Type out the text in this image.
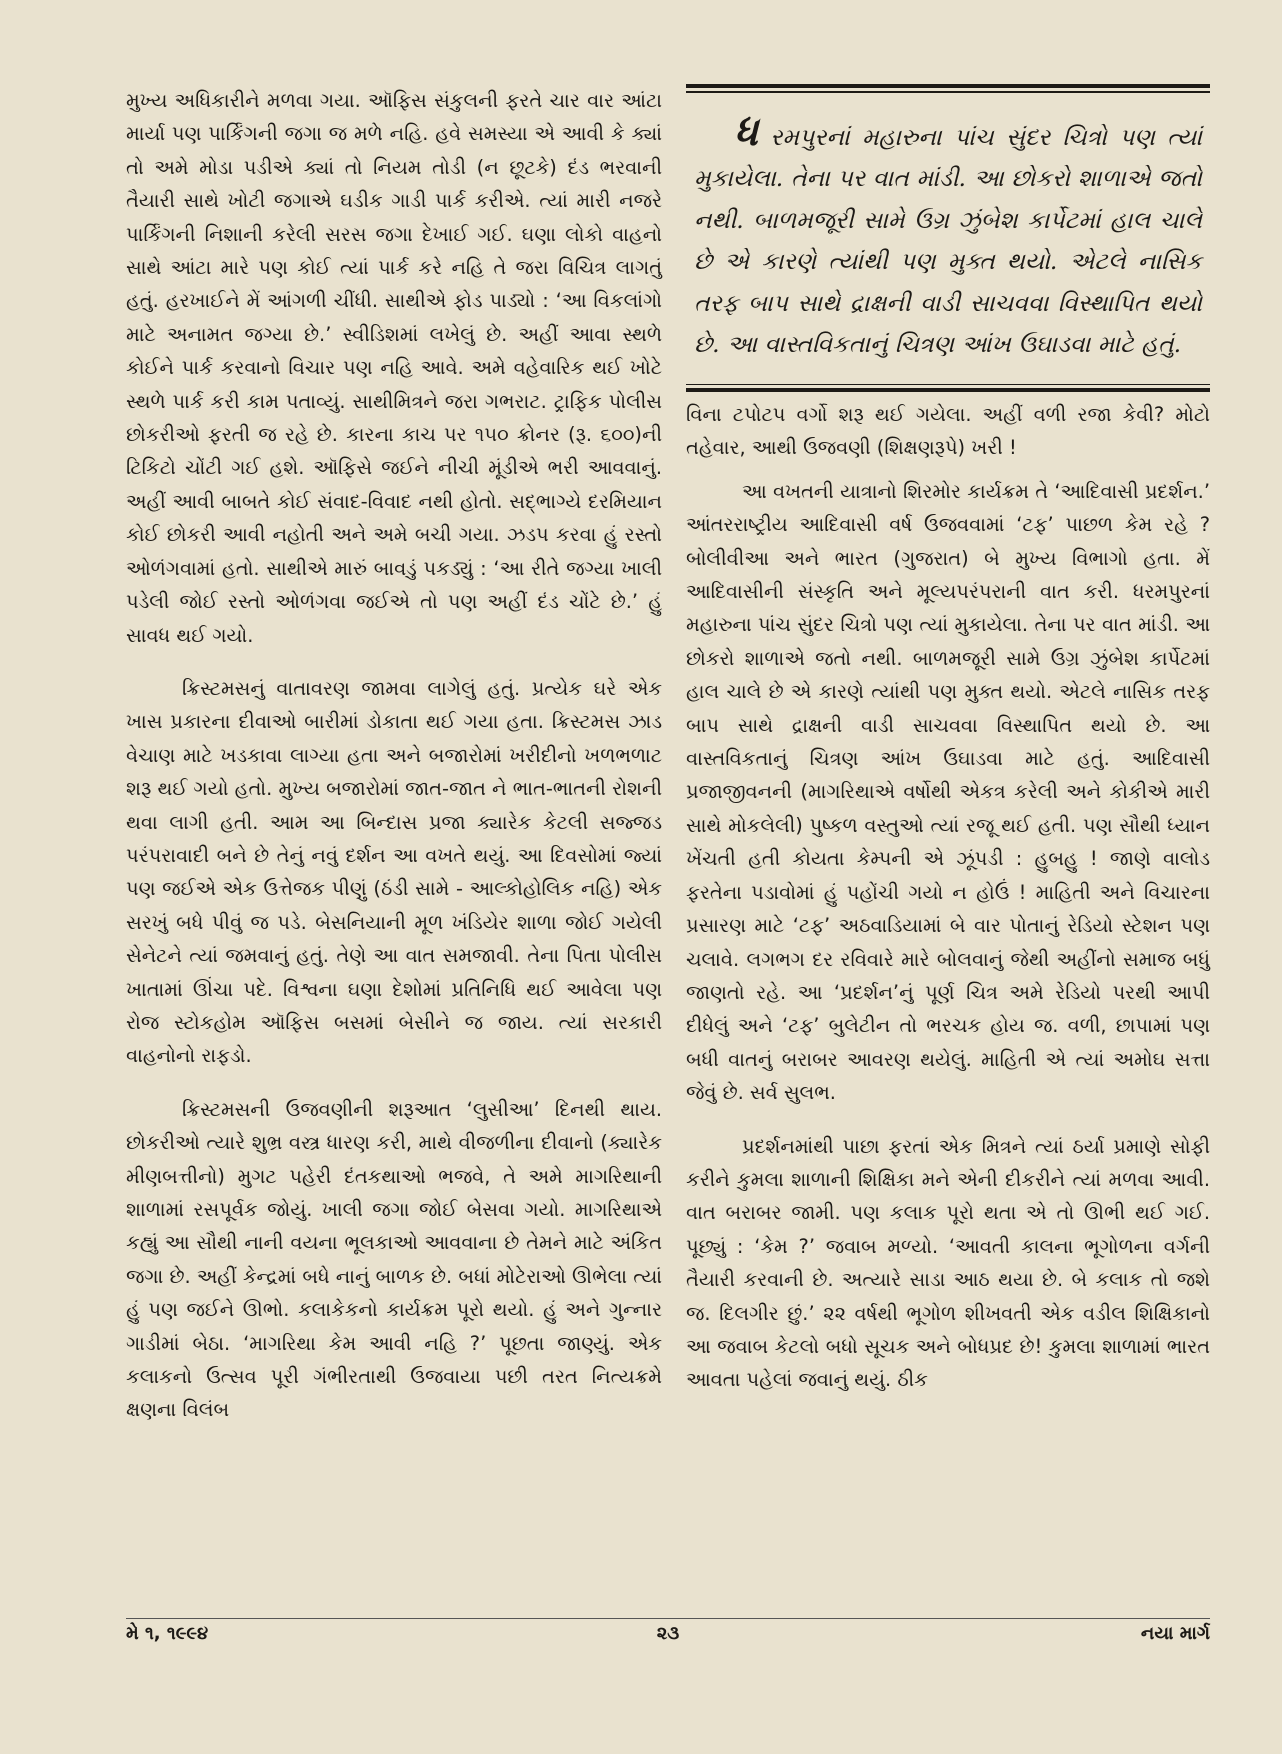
મુખ્ય અધિકારીને મળવા ગયા. ઑફિસ સંકુલની ફરતે ચાર વાર આંટા માર્યા પણ પાર્કિંગની જગા જ મળે નહિ. હવે સમસ્યા એ આવી કે ક્યાં તો અમે મોડા પડીએ ક્યાં તો નિયમ તોડી (ન છૂટકે) દંડ ભરવાની તૈયારી સાથે ખોટી જગાએ ઘડીક ગાડી પાર્ક કરીએ. ત્યાં મારી નજરે પાર્કિંગની નિશાની કરેલી સરસ જગા દેખાઈ ગઈ. ઘણા લોકો વાહનો સાથે આંટા મારે પણ કોઈ ત્યાં પાર્ક કરે નહિ તે જરા વિચિત્ર લાગતું હતું. હરખાઈને મેં આંગળી ચીંધી. સાથીએ ફોડ પાડ્યો : ‘આ વિકલાંગો માટે અનામત જગ્યા છે.’ સ્વીડિશમાં લખેલું છે. અહીં આવા સ્થળે કોઈને પાર્ક કરવાનો વિચાર પણ નહિ આવે. અમે વહેવારિક થઈ ખોટે સ્થળે પાર્ક કરી કામ પતાવ્યું. સાથીમિત્રને જરા ગભરાટ. ટ્રાફિક પોલીસ છોકરીઓ ફરતી જ રહે છે. કારના કાચ પર ૧૫૦ ક્રોનર (રૂ. ૬૦૦)ની ટિકિટો ચોંટી ગઈ હશે. ઑફિસે જઈને નીચી મૂંડીએ ભરી આવવાનું. અહીં આવી બાબતે કોઈ સંવાદ-વિવાદ નથી હોતો. સદ્ભાગ્યે દરમિયાન કોઈ છોકરી આવી નહોતી અને અમે બચી ગયા. ઝડપ કરવા હું રસ્તો ઓળંગવામાં હતો. સાથીએ મારું બાવડું પકડ્યું : ‘આ રીતે જગ્યા ખાલી પડેલી જોઈ રસ્તો ઓળંગવા જઈએ તો પણ અહીં દંડ ચોંટે છે.’ હું સાવધ થઈ ગયો.

ક્રિસ્ટમસનું વાતાવરણ જામવા લાગેલું હતું. પ્રત્યેક ઘરે એક ખાસ પ્રકારના દીવાઓ બારીમાં ડોકાતા થઈ ગયા હતા. ક્રિસ્ટમસ ઝાડ વેચાણ માટે ખડકાવા લાગ્યા હતા અને બજારોમાં ખરીદીનો ખળભળાટ શરૂ થઈ ગયો હતો. મુખ્ય બજારોમાં જાત-જાત ને ભાત-ભાતની રોશની થવા લાગી હતી. આમ આ બિન્દાસ પ્રજા ક્યારેક કેટલી સજ્જડ પરંપરાવાદી બને છે તેનું નવું દર્શન આ વખતે થયું. આ દિવસોમાં જ્યાં પણ જઈએ એક ઉત્તેજક પીણું (ઠંડી સામે - આલ્કોહોલિક નહિ) એક સરખું બધે પીવું જ પડે. બેસનિયાની મૂળ ખંડિયેર શાળા જોઈ ગયેલી સેનેટને ત્યાં જમવાનું હતું. તેણે આ વાત સમજાવી. તેના પિતા પોલીસ ખાતામાં ઊંચા પદે. વિશ્વના ઘણા દેશોમાં પ્રતિનિધિ થઈ આવેલા પણ રોજ સ્ટોકહોમ ઑફિસ બસમાં બેસીને જ જાય. ત્યાં સરકારી વાહનોનો રાફડો.

ક્રિસ્ટમસની ઉજવણીની શરૂઆત ‘લુસીઆ’ દિનથી થાય. છોકરીઓ ત્યારે શુભ્ર વસ્ત્ર ધારણ કરી, માથે વીજળીના દીવાનો (ક્યારેક મીણબત્તીનો) મુગટ પહેરી દંતકથાઓ ભજવે, તે અમે માગરિથાની શાળામાં રસપૂર્વક જોયું. ખાલી જગા જોઈ બેસવા ગયો. માગરિથાએ કહ્યું આ સૌથી નાની વયના ભૂલકાઓ આવવાના છે તેમને માટે અંકિત જગા છે. અહીં કેન્દ્રમાં બધે નાનું બાળક છે. બધાં મોટેરાઓ ઊભેલા ત્યાં હું પણ જઈને ઊભો. કલાકેકનો કાર્યક્રમ પૂરો થયો. હું અને ગુન્નાર ગાડીમાં બેઠા. ‘માગરિથા કેમ આવી નહિ ?’ પૂછતા જાણ્યું. એક કલાકનો ઉત્સવ પૂરી ગંભીરતાથી ઉજવાયા પછી તરત નિત્યક્રમે ક્ષણના વિલંબ

ધ રમપુરનાં મહારુના પાંચ સુંદર ચિત્રો પણ ત્યાં મુકાયેલા. તેના પર વાત માંડી. આ છોકરો શાળાએ જતો નથી. બાળમજૂરી સામે ઉગ્ર ઝુંબેશ કાર્પેટમાં હાલ ચાલે છે એ કારણે ત્યાંથી પણ મુક્ત થયો. એટલે નાસિક તરફ બાપ સાથે દ્રાક્ષની વાડી સાચવવા વિસ્થાપિત થયો છે. આ વાસ્તવિકતાનું ચિત્રણ આંખ ઉઘાડવા માટે હતું.

વિના ટપોટપ વર્ગો શરૂ થઈ ગયેલા. અહીં વળી રજા કેવી? મોટો તહેવાર, આથી ઉજવણી (શિક્ષણરૂપે) ખરી !

આ વખતની યાત્રાનો શિરમોર કાર્યક્રમ તે ‘આદિવાસી પ્રદર્શન.’ આંતરરાષ્ટ્રીય આદિવાસી વર્ષ ઉજવવામાં ‘ટફ’ પાછળ કેમ રહે ? બોલીવીઆ અને ભારત (ગુજરાત) બે મુખ્ય વિભાગો હતા. મેં આદિવાસીની સંસ્કૃતિ અને મૂલ્યપરંપરાની વાત કરી. ધરમપુરનાં મહારુના પાંચ સુંદર ચિત્રો પણ ત્યાં મુકાયેલા. તેના પર વાત માંડી. આ છોકરો શાળાએ જતો નથી. બાળમજૂરી સામે ઉગ્ર ઝુંબેશ કાર્પેટમાં હાલ ચાલે છે એ કારણે ત્યાંથી પણ મુક્ત થયો. એટલે નાસિક તરફ બાપ સાથે દ્રાક્ષની વાડી સાચવવા વિસ્થાપિત થયો છે. આ વાસ્તવિકતાનું ચિત્રણ આંખ ઉઘાડવા માટે હતું. આદિવાસી પ્રજાજીવનની (માગરિથાએ વર્ષોથી એકત્ર કરેલી અને કોકીએ મારી સાથે મોકલેલી) પુષ્કળ વસ્તુઓ ત્યાં રજૂ થઈ હતી. પણ સૌથી ધ્યાન ખેંચતી હતી કોયતા કેમ્પની એ ઝૂંપડી : હુબહુ ! જાણે વાલોડ ફરતેના પડાવોમાં હું પહોંચી ગયો ન હોઉં ! માહિતી અને વિચારના પ્રસારણ માટે ‘ટફ’ અઠવાડિયામાં બે વાર પોતાનું રેડિયો સ્ટેશન પણ ચલાવે. લગભગ દર રવિવારે મારે બોલવાનું જેથી અહીંનો સમાજ બધું જાણતો રહે. આ ‘પ્રદર્શન’નું પૂર્ણ ચિત્ર અમે રેડિયો પરથી આપી દીધેલું અને ‘ટફ’ બુલેટીન તો ભરચક હોય જ. વળી, છાપામાં પણ બધી વાતનું બરાબર આવરણ થયેલું. માહિતી એ ત્યાં અમોઘ સત્તા જેવું છે. સર્વ સુલભ.

પ્રદર્શનમાંથી પાછા ફરતાં એક મિત્રને ત્યાં ઠર્યા પ્રમાણે સોફી કરીને કુમલા શાળાની શિક્ષિકા મને એની દીકરીને ત્યાં મળવા આવી. વાત બરાબર જામી. પણ કલાક પૂરો થતા એ તો ઊભી થઈ ગઈ. પૂછ્યું : ‘કેમ ?’ જવાબ મળ્યો. ‘આવતી કાલના ભૂગોળના વર્ગની તૈયારી કરવાની છે. અત્યારે સાડા આઠ થયા છે. બે કલાક તો જશે જ. દિલગીર છું.’ ૨૨ વર્ષથી ભૂગોળ શીખવતી એક વડીલ શિક્ષિકાનો આ જવાબ કેટલો બધો સૂચક અને બોધપ્રદ છે! કુમલા શાળામાં ભારત આવતા પહેલાં જવાનું થયું. ઠીક

મે ૧, ૧૯૯૪	૨૩	નયા માર્ગ
